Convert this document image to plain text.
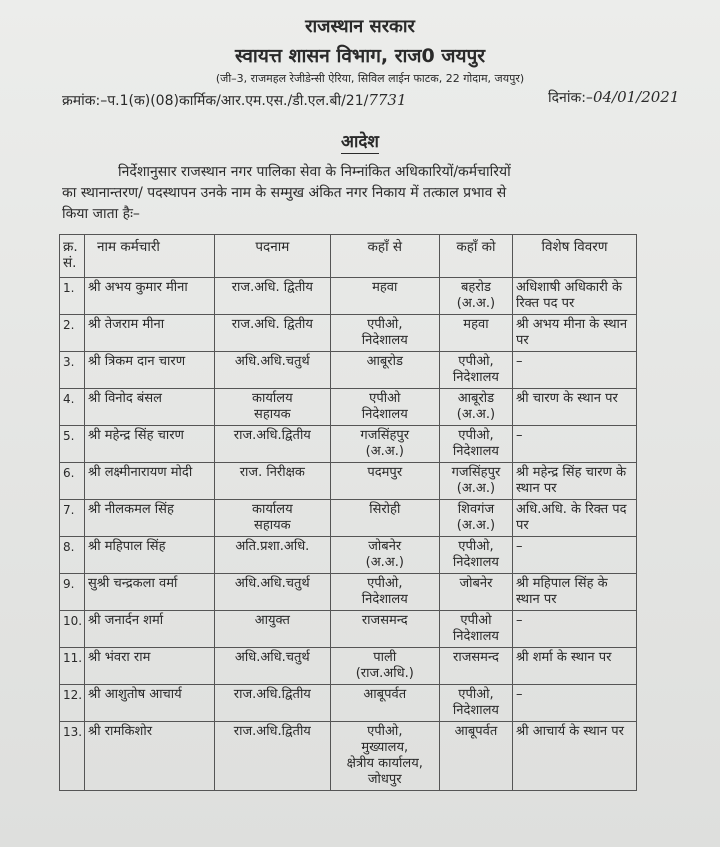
राजस्थान सरकार
स्वायत्त शासन विभाग, राज0 जयपुर
(जी–3, राजमहल रेजीडेन्सी ऐरिया, सिविल लाईन फाटक, 22 गोदाम, जयपुर)
क्रमांक:–प.1(क)(08)कार्मिक/आर.एम.एस./डी.एल.बी/21/7731	दिनांक:–04/01/2021
आदेश
निर्देशानुसार राजस्थान नगर पालिका सेवा के निम्नांकित अधिकारियों/कर्मचारियों
का स्थानान्तरण/ पदस्थापन उनके नाम के सम्मुख अंकित नगर निकाय में तत्काल प्रभाव से
किया जाता हैः–
क्र. सं.	नाम कर्मचारी	पदनाम	कहाँ से	कहाँ को	विशेष विवरण
1.	श्री अभय कुमार मीना	राज.अधि. द्वितीय	महवा	बहरोड
(अ.अ.)	अधिशाषी अधिकारी के रिक्त पद पर
2.	श्री तेजराम मीना	राज.अधि. द्वितीय	एपीओ,
निदेशालय	महवा	श्री अभय मीना के स्थान पर
3.	श्री त्रिकम दान चारण	अधि.अधि.चतुर्थ	आबूरोड	एपीओ,
निदेशालय	–
4.	श्री विनोद बंसल	कार्यालय
सहायक	एपीओ
निदेशालय	आबूरोड
(अ.अ.)	श्री चारण के स्थान पर
5.	श्री महेन्द्र सिंह चारण	राज.अधि.द्वितीय	गजसिंहपुर
(अ.अ.)	एपीओ,
निदेशालय	–
6.	श्री लक्ष्मीनारायण मोदी	राज. निरीक्षक	पदमपुर	गजसिंहपुर
(अ.अ.)	श्री महेन्द्र सिंह चारण के स्थान पर
7.	श्री नीलकमल सिंह	कार्यालय
सहायक	सिरोही	शिवगंज
(अ.अ.)	अधि.अधि. के रिक्त पद पर
8.	श्री महिपाल सिंह	अति.प्रशा.अधि.	जोबनेर
(अ.अ.)	एपीओ,
निदेशालय	–
9.	सुश्री चन्द्रकला वर्मा	अधि.अधि.चतुर्थ	एपीओ,
निदेशालय	जोबनेर	श्री महिपाल सिंह के स्थान पर
10.	श्री जनार्दन शर्मा	आयुक्त	राजसमन्द	एपीओ
निदेशालय	–
11.	श्री भंवरा राम	अधि.अधि.चतुर्थ	पाली
(राज.अधि.)	राजसमन्द	श्री शर्मा के स्थान पर
12.	श्री आशुतोष आचार्य	राज.अधि.द्वितीय	आबूपर्वत	एपीओ,
निदेशालय	–
13.	श्री रामकिशोर	राज.अधि.द्वितीय	एपीओ,
मुख्यालय,
क्षेत्रीय कार्यालय,
जोधपुर	आबूपर्वत	श्री आचार्य के स्थान पर
